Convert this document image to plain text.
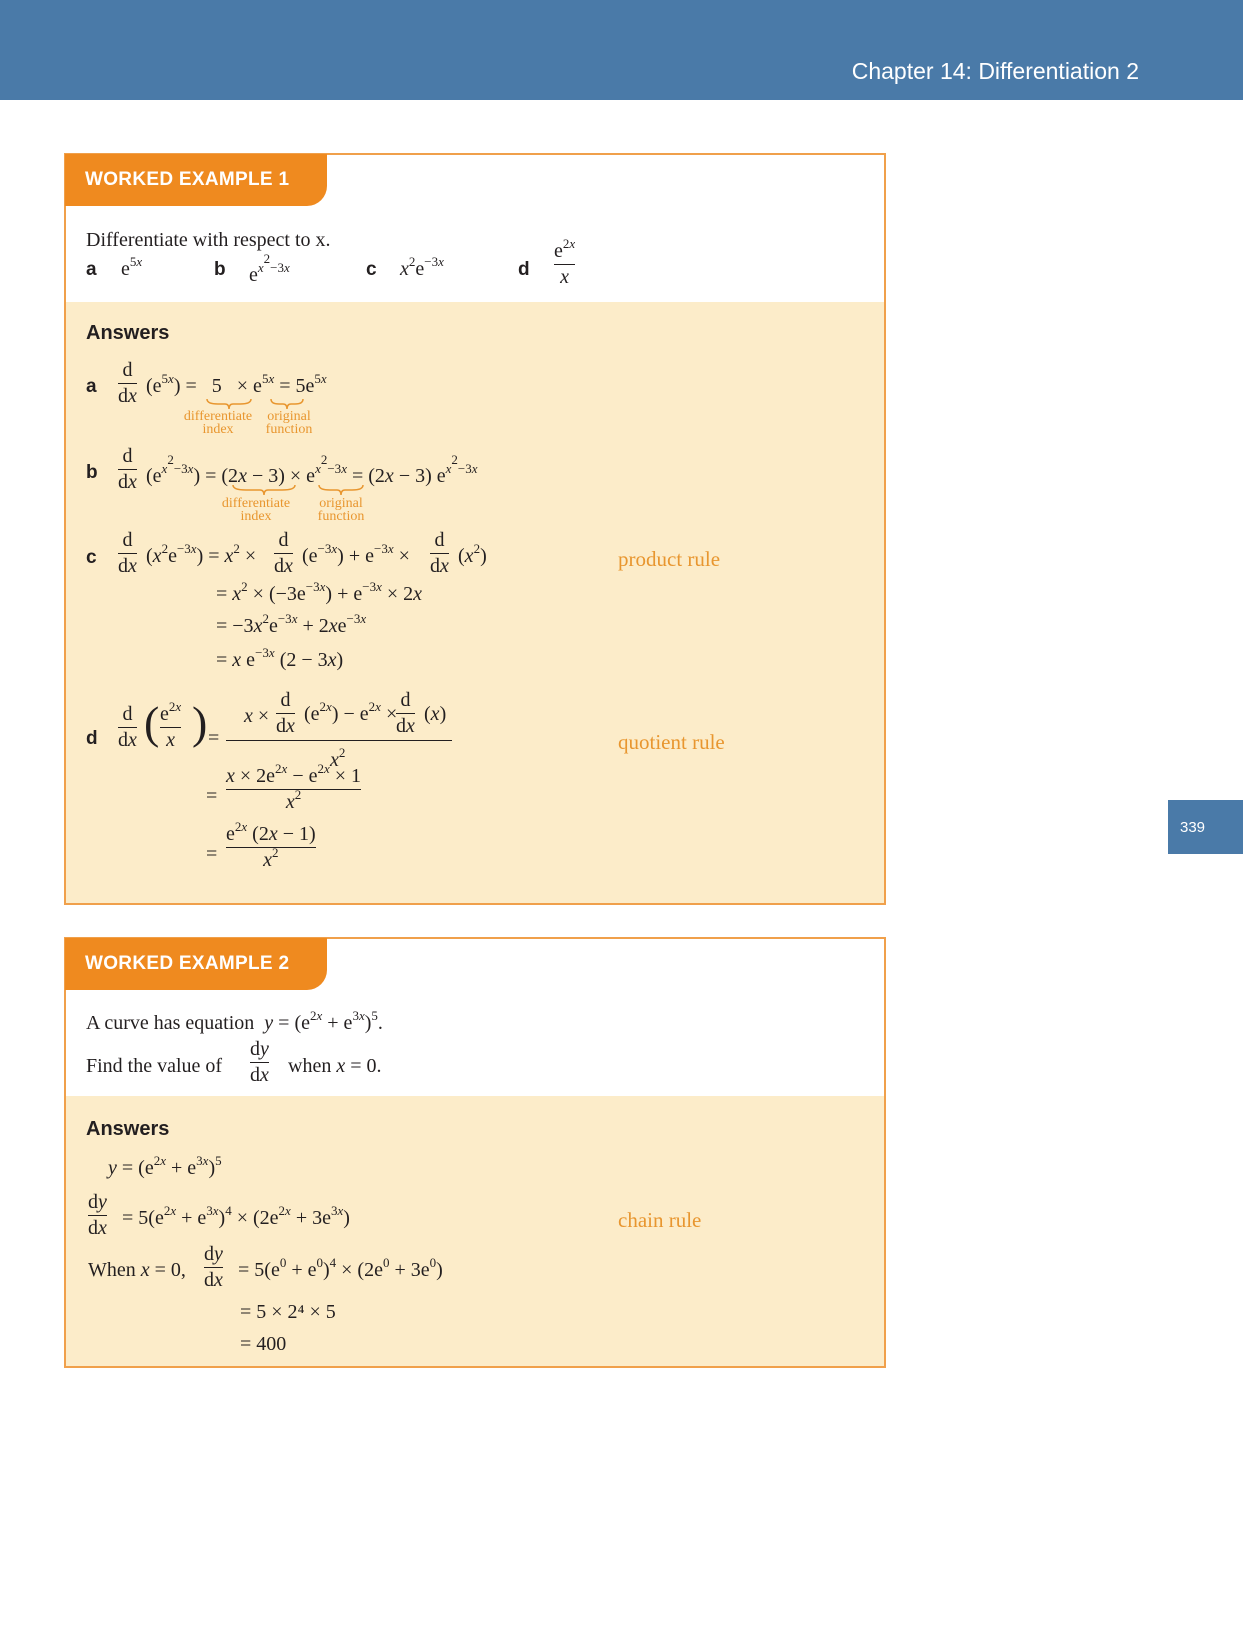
Chapter 14: Differentiation 2
339
WORKED EXAMPLE 1
Differentiate with respect to x.
a $e^{5x}$	b $e^{x^2-3x}$	c $x^2e^{-3x}$	d
$e^{2x}$
x
Answers
a
d
dx $(e^{5x}) = 5 \times e^{5x} = 5e^{5x}$
differentiate index
original function
b
d
dx $(e^{x^2-3x}) = (2x - 3) \times e^{x^2-3x} = (2x - 3)$ $e^{x^2-3x}$
differentiate index
original function
c
d
dx $(x^2e^{-3x}) = x^2$ ×
d
dx $(e^{-3x}) + e^{-3x}$ ×
d
dx $(x^2)$	product rule
= $x^2 \times (-3e^{-3x}) + e^{-3x} \times 2x$
= $-3x^2e^{-3x} + 2xe^{-3x}$
= x $e^{-3x}$ (2 − 3x)
d
d
dx ( $e^{2x}$
x ) =
x ×
d
dx
$(e^{2x}) - e^{2x}$ ×
d
dx
(x)
$x^2$	quotient rule
=
$x \times 2e^{2x} - e^{2x} \times 1$
$x^2$
=
$e^{2x}$ (2x − 1)
$x^2$
WORKED EXAMPLE 2
A curve has equation $y = (e^{2x} + e^{3x})^5$.
Find the value of
dy
dx when x = 0.
Answers
$y = (e^{2x} + e^{3x})^5$
dy
dx = $5(e^{2x} + e^{3x})^4 \times (2e^{2x} + 3e^{3x})$	chain rule
When x = 0,
dy
dx = $5(e^0 + e^0)^4 \times (2e^0 + 3e^0)$
= 5 × 2⁴ × 5
= 400
